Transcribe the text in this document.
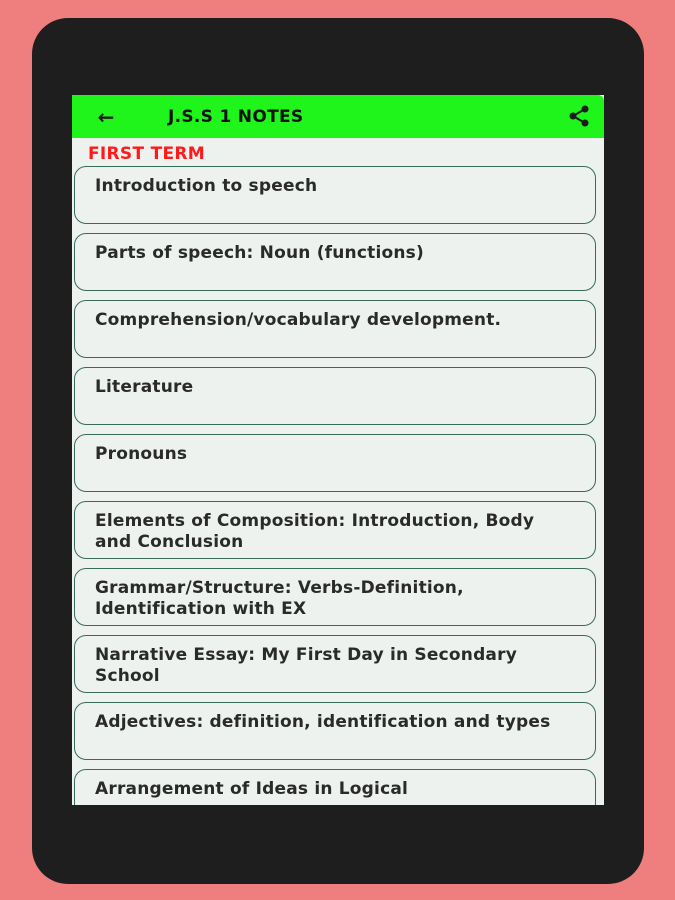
←	J.S.S 1 NOTES
FIRST TERM
Introduction to speech
Parts of speech: Noun (functions)
Comprehension/vocabulary development.
Literature
Pronouns
Elements of Composition: Introduction, Body and Conclusion
Grammar/Structure: Verbs-Definition, Identification with EX
Narrative Essay: My First Day in Secondary School
Adjectives: definition, identification and types
Arrangement of Ideas in Logical
